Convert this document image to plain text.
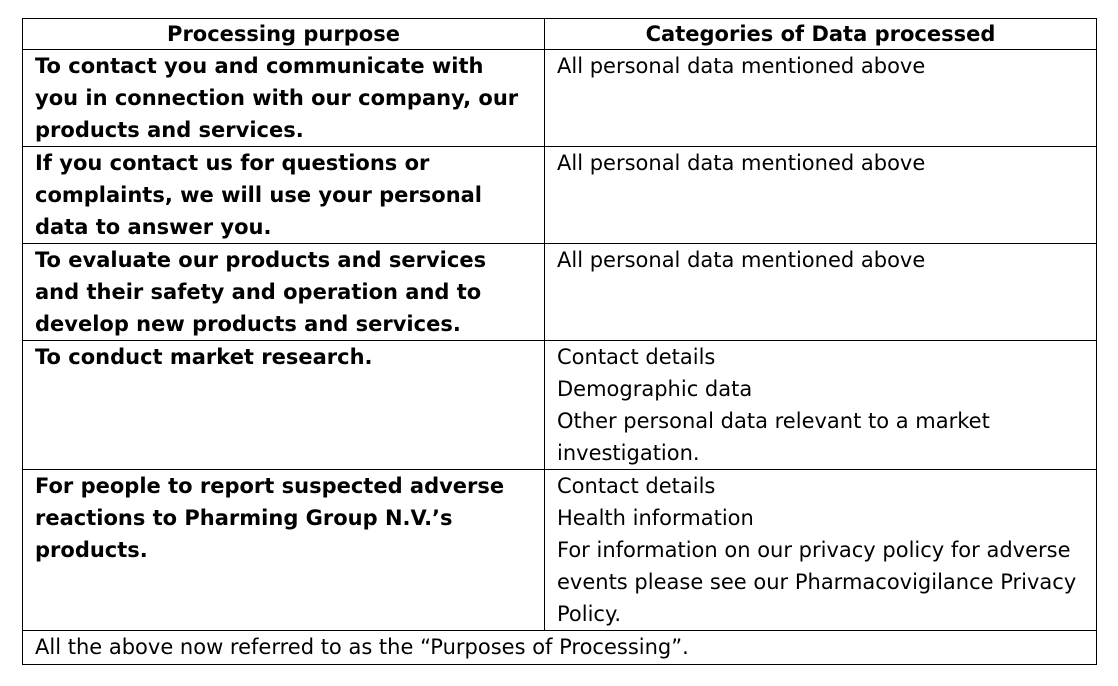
Processing purpose	Categories of Data processed
To contact you and communicate with you in connection with our company, our products and services.	All personal data mentioned above

If you contact us for questions or complaints, we will use your personal data to answer you.	All personal data mentioned above

To evaluate our products and services and their safety and operation and to develop new products and services.	All personal data mentioned above

To conduct market research.	Contact details
Demographic data
Other personal data relevant to a market investigation.

For people to report suspected adverse reactions to Pharming Group N.V.’s products.	Contact details
Health information
For information on our privacy policy for adverse events please see our Pharmacovigilance Privacy Policy.

All the above now referred to as the “Purposes of Processing”.	
